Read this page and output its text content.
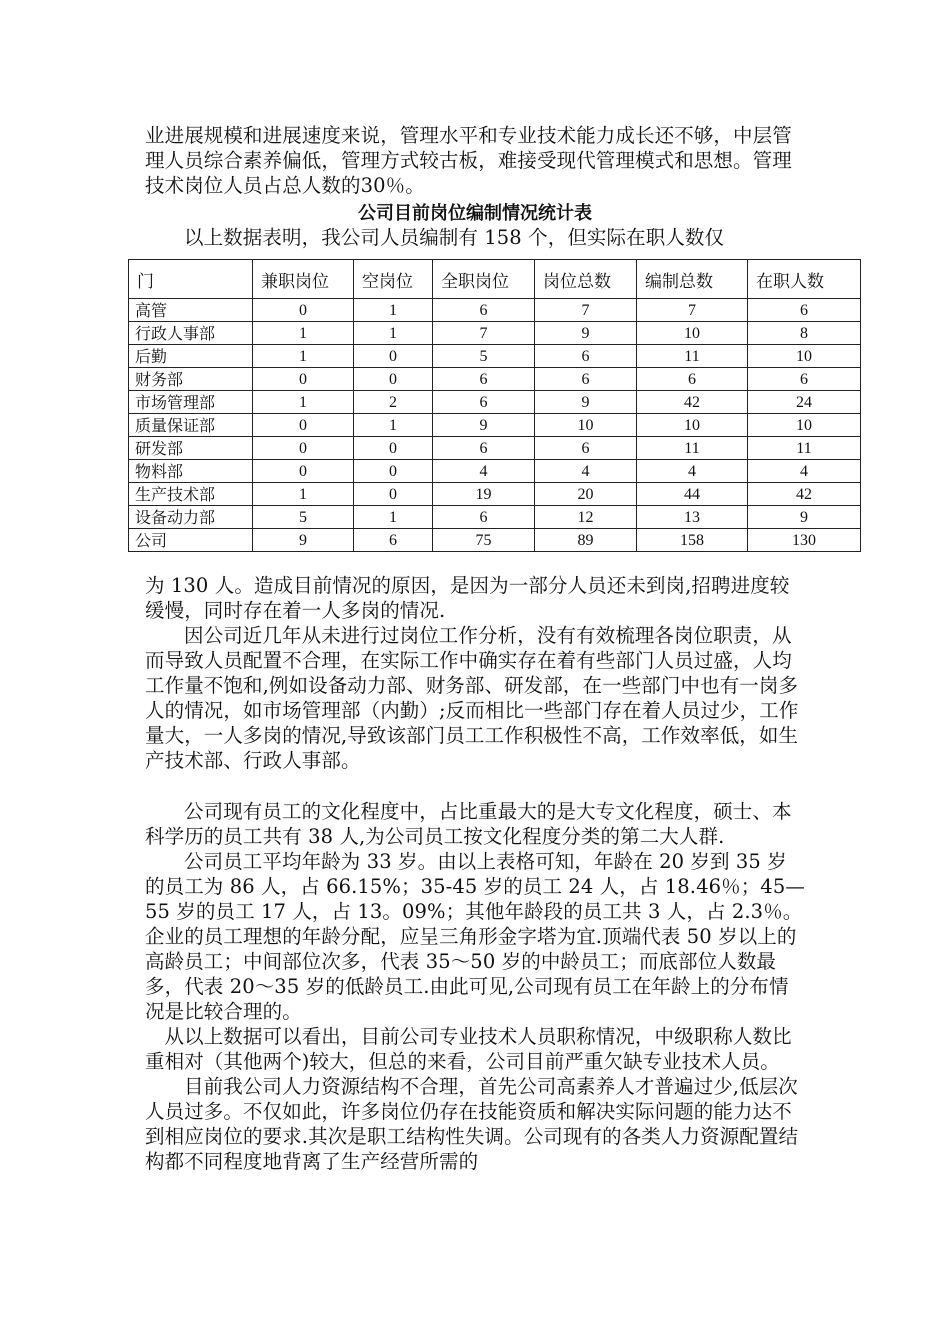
业进展规模和进展速度来说，管理水平和专业技术能力成长还不够，中层管理人员综合素养偏低，管理方式较古板，难接受现代管理模式和思想。管理技术岗位人员占总人数的30％。

公司目前岗位编制情况统计表

以上数据表明，我公司人员编制有 158 个，但实际在职人数仅

门	兼职岗位	空岗位	全职岗位	岗位总数	编制总数	在职人数
高管	0	1	6	7	7	6
行政人事部	1	1	7	9	10	8
后勤	1	0	5	6	11	10
财务部	0	0	6	6	6	6
市场管理部	1	2	6	9	42	24
质量保证部	0	1	9	10	10	10
研发部	0	0	6	6	11	11
物料部	0	0	4	4	4	4
生产技术部	1	0	19	20	44	42
设备动力部	5	1	6	12	13	9
公司	9	6	75	89	158	130

为 130 人。造成目前情况的原因，是因为一部分人员还未到岗,招聘进度较缓慢，同时存在着一人多岗的情况.

因公司近几年从未进行过岗位工作分析，没有有效梳理各岗位职责，从而导致人员配置不合理，在实际工作中确实存在着有些部门人员过盛，人均工作量不饱和,例如设备动力部、财务部、研发部，在一些部门中也有一岗多人的情况，如市场管理部（内勤）;反而相比一些部门存在着人员过少，工作量大，一人多岗的情况,导致该部门员工工作积极性不高，工作效率低，如生产技术部、行政人事部。

公司现有员工的文化程度中，占比重最大的是大专文化程度，硕士、本科学历的员工共有 38 人,为公司员工按文化程度分类的第二大人群.

公司员工平均年龄为 33 岁。由以上表格可知，年龄在 20 岁到 35 岁的员工为 86 人，占 66.15%；35-45 岁的员工 24 人，占 18.46％；45—55 岁的员工 17 人，占 13。09%；其他年龄段的员工共 3 人，占 2.3％。企业的员工理想的年龄分配，应呈三角形金字塔为宜.顶端代表 50 岁以上的高龄员工；中间部位次多，代表 35～50 岁的中龄员工；而底部位人数最多，代表 20～35 岁的低龄员工.由此可见,公司现有员工在年龄上的分布情况是比较合理的。

从以上数据可以看出，目前公司专业技术人员职称情况，中级职称人数比重相对（其他两个)较大，但总的来看，公司目前严重欠缺专业技术人员。

目前我公司人力资源结构不合理，首先公司高素养人才普遍过少,低层次人员过多。不仅如此，许多岗位仍存在技能资质和解决实际问题的能力达不到相应岗位的要求.其次是职工结构性失调。公司现有的各类人力资源配置结构都不同程度地背离了生产经营所需的
